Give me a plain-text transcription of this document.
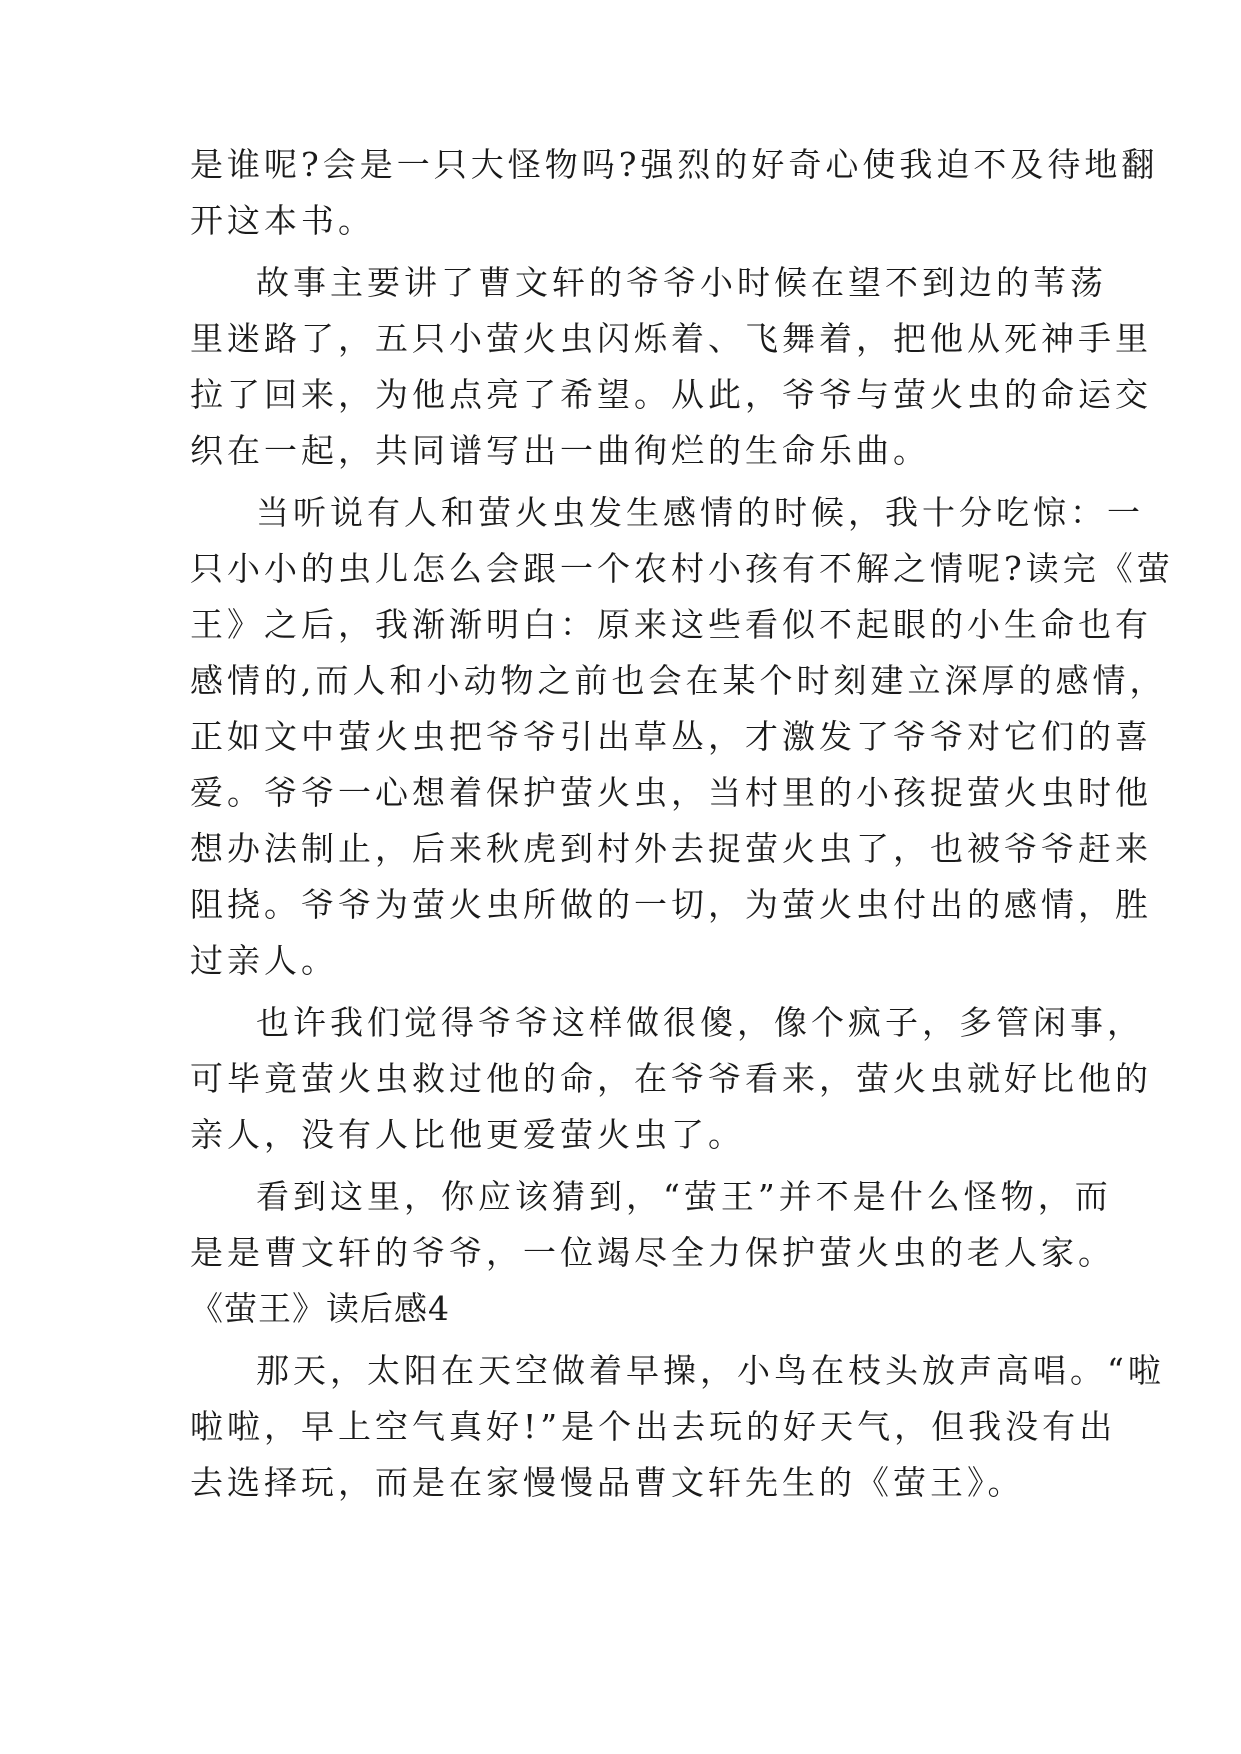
是谁呢?会是一只大怪物吗?强烈的好奇心使我迫不及待地翻
开这本书。
故事主要讲了曹文轩的爷爷小时候在望不到边的苇荡
里迷路了，五只小萤火虫闪烁着、飞舞着，把他从死神手里
拉了回来，为他点亮了希望。从此，爷爷与萤火虫的命运交
织在一起，共同谱写出一曲徇烂的生命乐曲。
当听说有人和萤火虫发生感情的时候，我十分吃惊：一
只小小的虫儿怎么会跟一个农村小孩有不解之情呢?读完《萤
王》之后，我渐渐明白：原来这些看似不起眼的小生命也有
感情的,而人和小动物之前也会在某个时刻建立深厚的感情，
正如文中萤火虫把爷爷引出草丛，才激发了爷爷对它们的喜
爱。爷爷一心想着保护萤火虫，当村里的小孩捉萤火虫时他
想办法制止，后来秋虎到村外去捉萤火虫了，也被爷爷赶来
阻挠。爷爷为萤火虫所做的一切，为萤火虫付出的感情，胜
过亲人。
也许我们觉得爷爷这样做很傻，像个疯子，多管闲事，
可毕竟萤火虫救过他的命，在爷爷看来，萤火虫就好比他的
亲人，没有人比他更爱萤火虫了。
看到这里，你应该猜到，“萤王”并不是什么怪物，而
是是曹文轩的爷爷，一位竭尽全力保护萤火虫的老人家。
《萤王》读后感4
那天，太阳在天空做着早操，小鸟在枝头放声高唱。“啦
啦啦，早上空气真好!”是个出去玩的好天气，但我没有出
去选择玩，而是在家慢慢品曹文轩先生的《萤王》。
